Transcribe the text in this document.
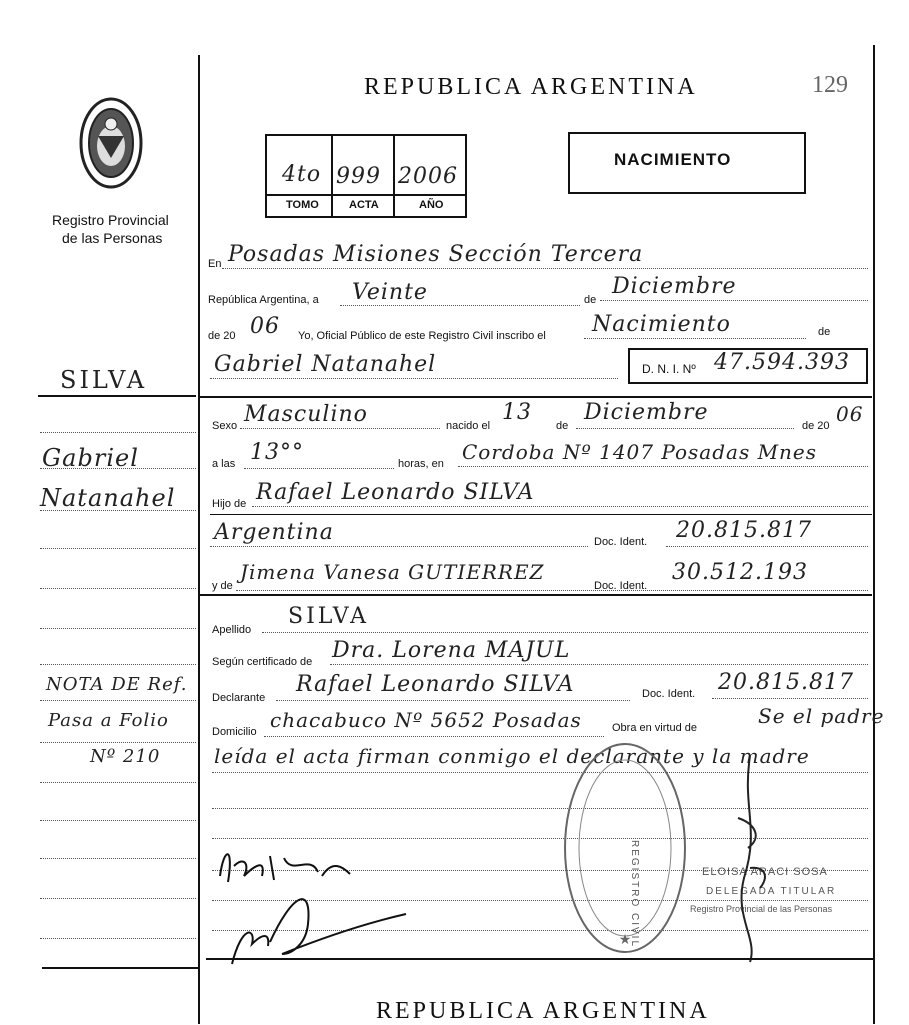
REPUBLICA ARGENTINA	129
Registro Provincial
de las Personas
4to 999 2006
TOMO	ACTA	AÑO
NACIMIENTO
SILVA
Gabriel
Natanahel
NOTA DE Ref.
Pasa a Folio
Nº 210
En Posadas Misiones Sección Tercera
República Argentina, a Veinte	de
Diciembre
de 20 06 Yo, Oficial Público de este Registro Civil inscribo el Nacimiento	de
Gabriel Natanahel	D. N. I. Nº 47.594.393
Sexo Masculino	nacido el
13
de
Diciembre
de 20 06
a las 13°°	horas, en Cordoba Nº 1407 Posadas Mnes
Hijo de Rafael Leonardo SILVA
Argentina	Doc. Ident. 20.815.817
y de
Jimena Vanesa GUTIERREZ
Doc. Ident.
30.512.193
Apellido
SILVA
Según certificado de Dra. Lorena MAJUL
Declarante
Rafael Leonardo SILVA	Doc. Ident. 20.815.817
Domicilio chacabuco Nº 5652 Posadas	Obra en virtud de	Se el padre
leída el acta firman conmigo el declarante y la madre
★
REGISTRO CIVIL	ELOISA ARACI SOSA
DELEGADA TITULAR
Registro Provincial de las Personas
REPUBLICA ARGENTINA
